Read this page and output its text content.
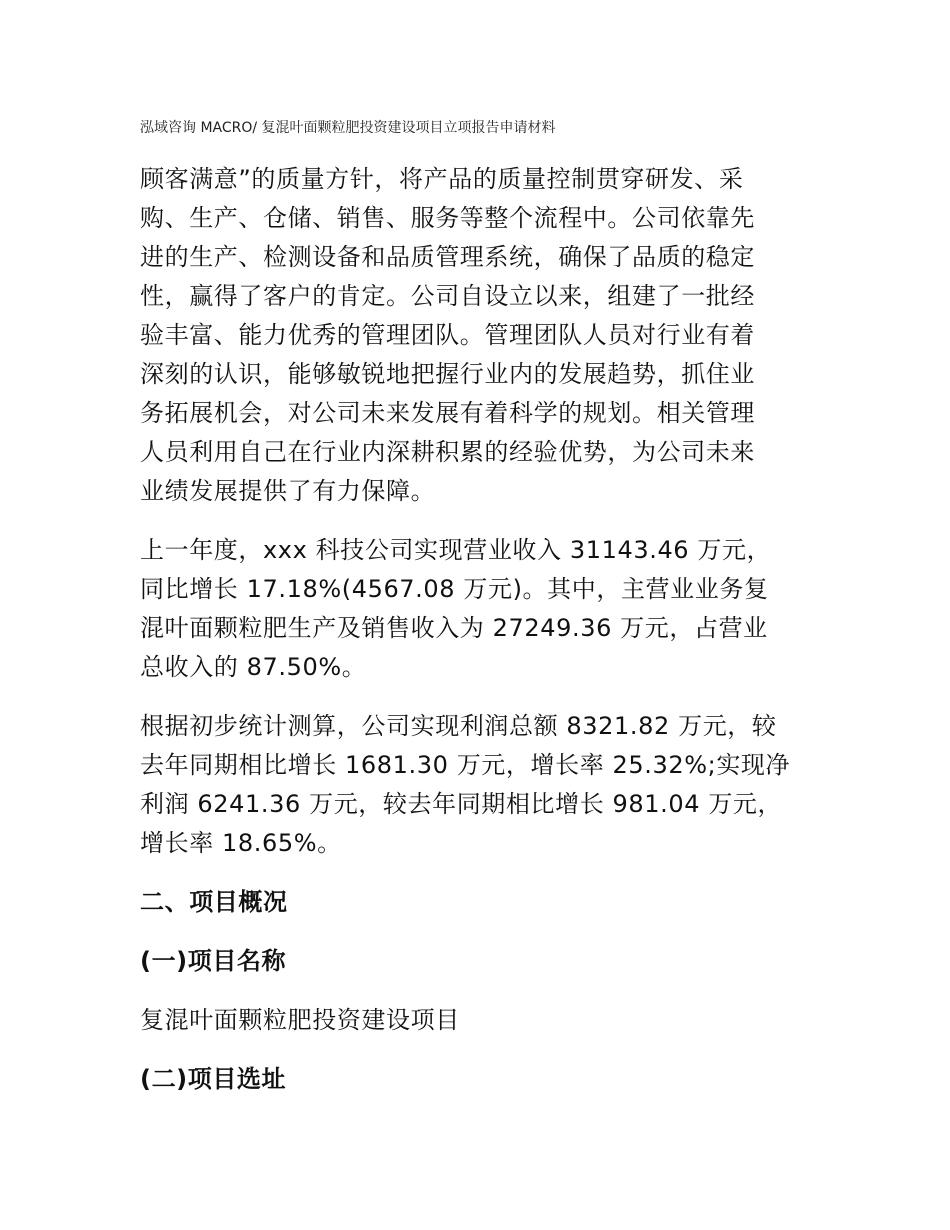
泓域咨询 MACRO/ 复混叶面颗粒肥投资建设项目立项报告申请材料

顾客满意”的质量方针，将产品的质量控制贯穿研发、采
购、生产、仓储、销售、服务等整个流程中。公司依靠先
进的生产、检测设备和品质管理系统，确保了品质的稳定
性，赢得了客户的肯定。公司自设立以来，组建了一批经
验丰富、能力优秀的管理团队。管理团队人员对行业有着
深刻的认识，能够敏锐地把握行业内的发展趋势，抓住业
务拓展机会，对公司未来发展有着科学的规划。相关管理
人员利用自己在行业内深耕积累的经验优势，为公司未来
业绩发展提供了有力保障。

上一年度，xxx 科技公司实现营业收入 31143.46 万元，
同比增长 17.18%(4567.08 万元)。其中，主营业业务复
混叶面颗粒肥生产及销售收入为 27249.36 万元，占营业
总收入的 87.50%。

根据初步统计测算，公司实现利润总额 8321.82 万元，较
去年同期相比增长 1681.30 万元，增长率 25.32%;实现净
利润 6241.36 万元，较去年同期相比增长 981.04 万元，
增长率 18.65%。

二、项目概况
(一)项目名称

复混叶面颗粒肥投资建设项目

(二)项目选址
